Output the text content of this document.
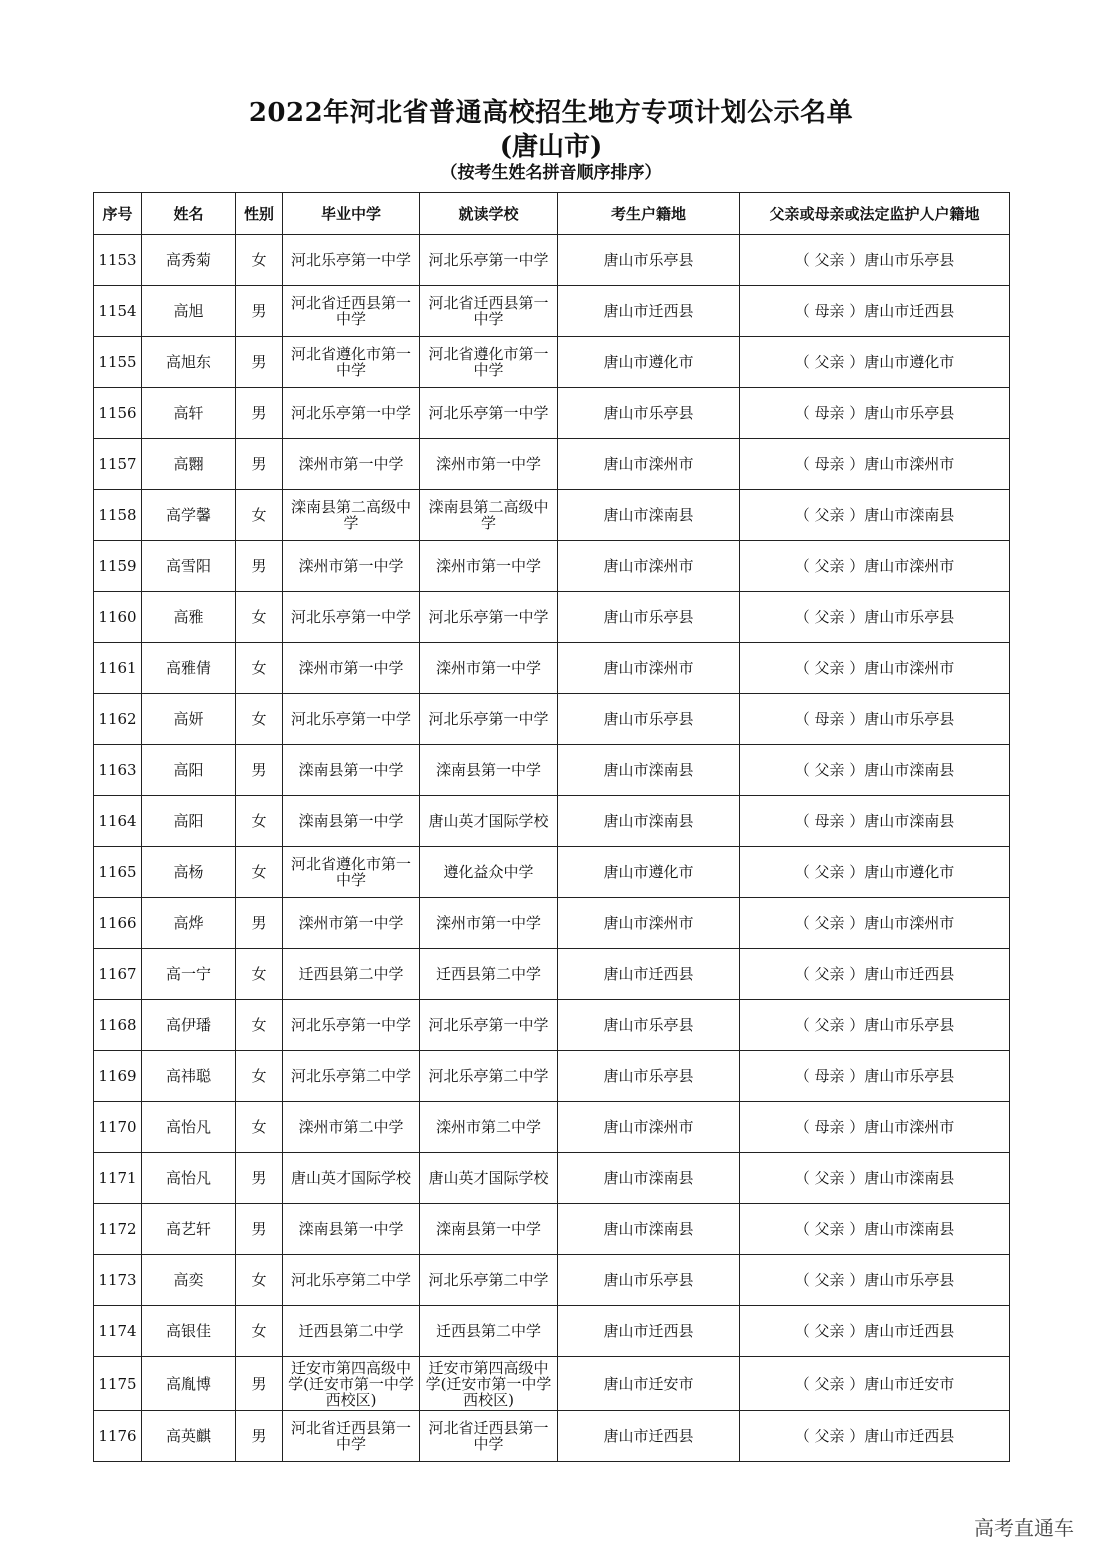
2022年河北省普通高校招生地方专项计划公示名单
(唐山市)
（按考生姓名拼音顺序排序）
序号	姓名	性别	毕业中学	就读学校	考生户籍地	父亲或母亲或法定监护人户籍地
1153	高秀菊	女	河北乐亭第一中学	河北乐亭第一中学	唐山市乐亭县	（ 父亲 ）唐山市乐亭县
1154	高旭	男	河北省迁西县第一中学	河北省迁西县第一中学	唐山市迁西县	（ 母亲 ）唐山市迁西县
1155	高旭东	男	河北省遵化市第一中学	河北省遵化市第一中学	唐山市遵化市	（ 父亲 ）唐山市遵化市
1156	高轩	男	河北乐亭第一中学	河北乐亭第一中学	唐山市乐亭县	（ 母亲 ）唐山市乐亭县
1157	高翾	男	滦州市第一中学	滦州市第一中学	唐山市滦州市	（ 母亲 ）唐山市滦州市
1158	高学馨	女	滦南县第二高级中学	滦南县第二高级中学	唐山市滦南县	（ 父亲 ）唐山市滦南县
1159	高雪阳	男	滦州市第一中学	滦州市第一中学	唐山市滦州市	（ 父亲 ）唐山市滦州市
1160	高雅	女	河北乐亭第一中学	河北乐亭第一中学	唐山市乐亭县	（ 父亲 ）唐山市乐亭县
1161	高雅倩	女	滦州市第一中学	滦州市第一中学	唐山市滦州市	（ 父亲 ）唐山市滦州市
1162	高妍	女	河北乐亭第一中学	河北乐亭第一中学	唐山市乐亭县	（ 母亲 ）唐山市乐亭县
1163	高阳	男	滦南县第一中学	滦南县第一中学	唐山市滦南县	（ 父亲 ）唐山市滦南县
1164	高阳	女	滦南县第一中学	唐山英才国际学校	唐山市滦南县	（ 母亲 ）唐山市滦南县
1165	高杨	女	河北省遵化市第一中学	遵化益众中学	唐山市遵化市	（ 父亲 ）唐山市遵化市
1166	高烨	男	滦州市第一中学	滦州市第一中学	唐山市滦州市	（ 父亲 ）唐山市滦州市
1167	高一宁	女	迁西县第二中学	迁西县第二中学	唐山市迁西县	（ 父亲 ）唐山市迁西县
1168	高伊璠	女	河北乐亭第一中学	河北乐亭第一中学	唐山市乐亭县	（ 父亲 ）唐山市乐亭县
1169	高祎聪	女	河北乐亭第二中学	河北乐亭第二中学	唐山市乐亭县	（ 母亲 ）唐山市乐亭县
1170	高怡凡	女	滦州市第二中学	滦州市第二中学	唐山市滦州市	（ 母亲 ）唐山市滦州市
1171	高怡凡	男	唐山英才国际学校	唐山英才国际学校	唐山市滦南县	（ 父亲 ）唐山市滦南县
1172	高艺轩	男	滦南县第一中学	滦南县第一中学	唐山市滦南县	（ 父亲 ）唐山市滦南县
1173	高奕	女	河北乐亭第二中学	河北乐亭第二中学	唐山市乐亭县	（ 父亲 ）唐山市乐亭县
1174	高银佳	女	迁西县第二中学	迁西县第二中学	唐山市迁西县	（ 父亲 ）唐山市迁西县
1175	高胤博	男	迁安市第四高级中学(迁安市第一中学西校区)	迁安市第四高级中学(迁安市第一中学西校区)	唐山市迁安市	（ 父亲 ）唐山市迁安市
1176	高英麒	男	河北省迁西县第一中学	河北省迁西县第一中学	唐山市迁西县	（ 父亲 ）唐山市迁西县
高考直通车
